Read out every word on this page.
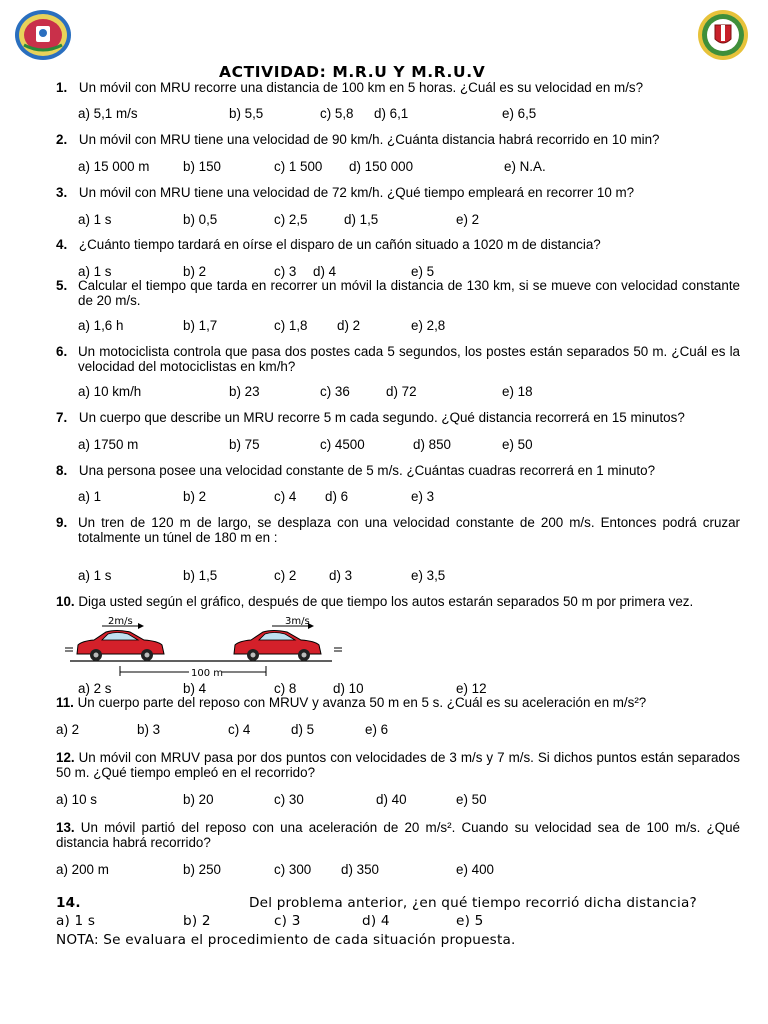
ACTIVIDAD: M.R.U Y M.R.U.V
1. Un móvil con MRU recorre una distancia de 100 km en 5 horas. ¿Cuál es su velocidad en m/s?
a) 5,1 m/s	b) 5,5	c) 5,8 d) 6,1	e) 6,5
2. Un móvil con MRU tiene una velocidad de 90 km/h. ¿Cuánta distancia habrá recorrido en 10 min?
a) 15 000 m	b) 150	c) 1 500 d) 150 000	e) N.A.
3. Un móvil con MRU tiene una velocidad de 72 km/h. ¿Qué tiempo empleará en recorrer 10 m?
a) 1 s	b) 0,5	c) 2,5	d) 1,5	e) 2
4. ¿Cuánto tiempo tardará en oírse el disparo de un cañón situado a 1020 m de distancia?
a) 1 s	b) 2	c) 3 d) 4	e) 5
5. Calcular el tiempo que tarda en recorrer un móvil la distancia de 130 km, si se mueve con velocidad constante de 20 m/s.
a) 1,6 h	b) 1,7	c) 1,8 d) 2	e) 2,8
6. Un motociclista controla que pasa dos postes cada 5 segundos, los postes están separados 50 m. ¿Cuál es la velocidad del motociclistas en km/h?
a) 10 km/h	b) 23	c) 36	d) 72	e) 18
7. Un cuerpo que describe un MRU recorre 5 m cada segundo. ¿Qué distancia recorrerá en 15 minutos?
a) 1750 m	b) 75	c) 4500	d) 850	e) 50
8. Una persona posee una velocidad constante de 5 m/s. ¿Cuántas cuadras recorrerá en 1 minuto?
a) 1	b) 2	c) 4 d) 6	e) 3
9. Un tren de 120 m de largo, se desplaza con una velocidad constante de 200 m/s. Entonces podrá cruzar totalmente un túnel de 180 m en :
a) 1 s	b) 1,5	c) 2 d) 3	e) 3,5
10. Diga usted según el gráfico, después de que tiempo los autos estarán separados 50 m por primera vez.
2m/s	3m/s
100 m
a) 2 s	b) 4	c) 8	d) 10	e) 12
11. Un cuerpo parte del reposo con MRUV y avanza 50 m en 5 s. ¿Cuál es su aceleración en m/s²?
a) 2	b) 3	c) 4	d) 5	e) 6
12. Un móvil con MRUV pasa por dos puntos con velocidades de 3 m/s y 7 m/s. Si dichos puntos están separados 50 m. ¿Qué tiempo empleó en el recorrido?
a) 10 s	b) 20	c) 30	d) 40	e) 50
13. Un móvil partió del reposo con una aceleración de 20 m/s². Cuando su velocidad sea de 100 m/s. ¿Qué distancia habrá recorrido?
a) 200 m	b) 250	c) 300 d) 350	e) 400
14.	Del problema anterior, ¿en qué tiempo recorrió dicha distancia?
a) 1 s	b) 2	c) 3	d) 4	e) 5
NOTA: Se evaluara el procedimiento de cada situación propuesta.
